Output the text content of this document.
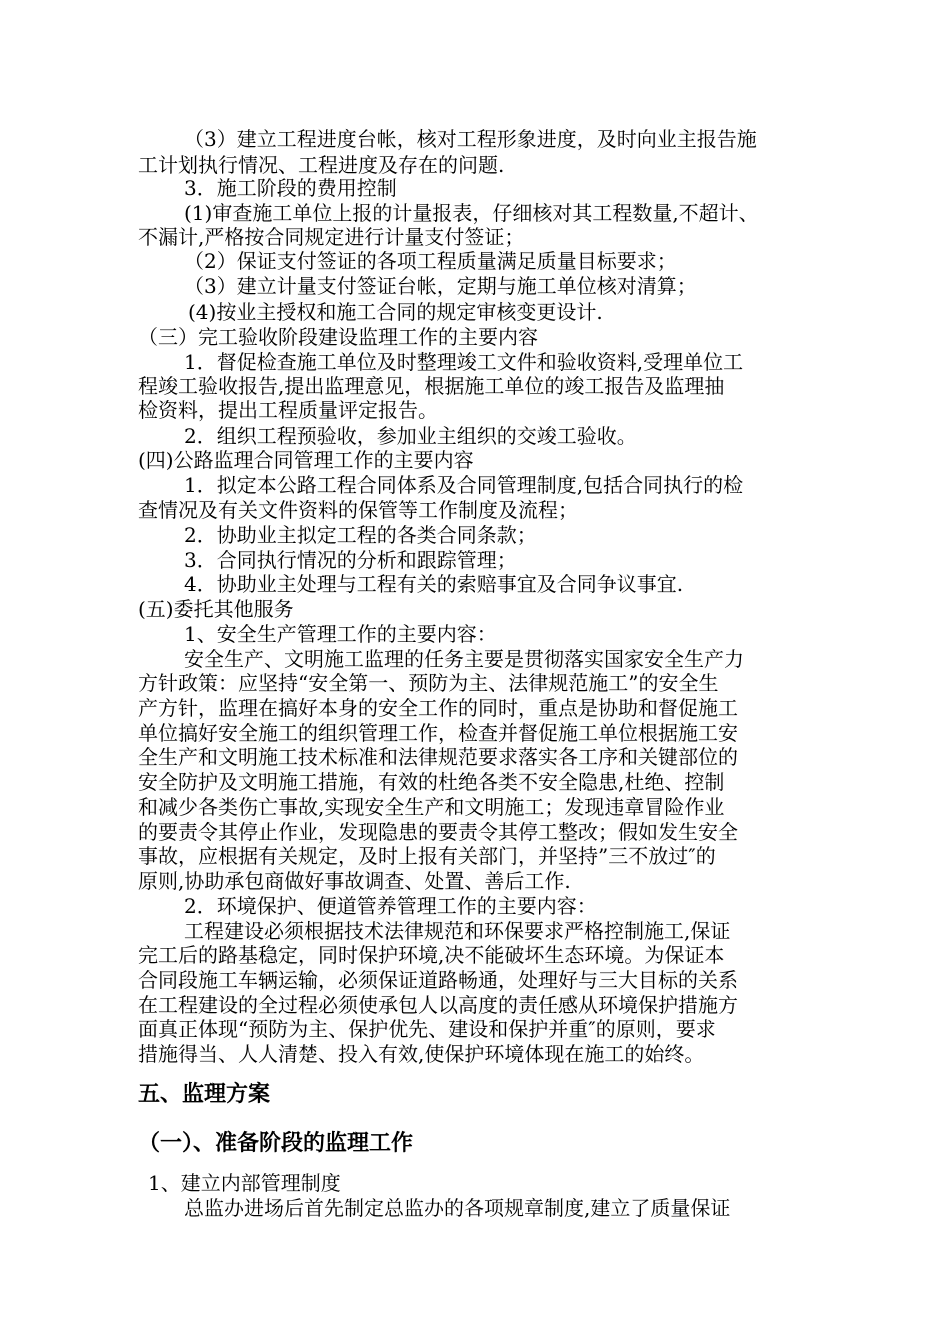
（3）建立工程进度台帐，核对工程形象进度，及时向业主报告施
工计划执行情况、工程进度及存在的问题.
3．施工阶段的费用控制
(1)审查施工单位上报的计量报表，仔细核对其工程数量,不超计、
不漏计,严格按合同规定进行计量支付签证；
（2）保证支付签证的各项工程质量满足质量目标要求；
（3）建立计量支付签证台帐，定期与施工单位核对清算；
(4)按业主授权和施工合同的规定审核变更设计.
（三）完工验收阶段建设监理工作的主要内容
1．督促检查施工单位及时整理竣工文件和验收资料,受理单位工
程竣工验收报告,提出监理意见，根据施工单位的竣工报告及监理抽
检资料，提出工程质量评定报告。
2．组织工程预验收，参加业主组织的交竣工验收。
(四)公路监理合同管理工作的主要内容
1．拟定本公路工程合同体系及合同管理制度,包括合同执行的检
查情况及有关文件资料的保管等工作制度及流程；
2．协助业主拟定工程的各类合同条款；
3．合同执行情况的分析和跟踪管理；
4．协助业主处理与工程有关的索赔事宜及合同争议事宜.
(五)委托其他服务
1、安全生产管理工作的主要内容：
安全生产、文明施工监理的任务主要是贯彻落实国家安全生产力
方针政策：应坚持“安全第一、预防为主、法律规范施工”的安全生
产方针，监理在搞好本身的安全工作的同时，重点是协助和督促施工
单位搞好安全施工的组织管理工作，检查并督促施工单位根据施工安
全生产和文明施工技术标准和法律规范要求落实各工序和关键部位的
安全防护及文明施工措施，有效的杜绝各类不安全隐患,杜绝、控制
和减少各类伤亡事故,实现安全生产和文明施工；发现违章冒险作业
的要责令其停止作业，发现隐患的要责令其停工整改；假如发生安全
事故，应根据有关规定，及时上报有关部门，并坚持”三不放过″的
原则,协助承包商做好事故调查、处置、善后工作.
2．环境保护、便道管养管理工作的主要内容：
工程建设必须根据技术法律规范和环保要求严格控制施工,保证
完工后的路基稳定，同时保护环境,决不能破坏生态环境。为保证本
合同段施工车辆运输，必须保证道路畅通，处理好与三大目标的关系
在工程建设的全过程必须使承包人以高度的责任感从环境保护措施方
面真正体现“预防为主、保护优先、建设和保护并重″的原则，要求
措施得当、人人清楚、投入有效,使保护环境体现在施工的始终。
五、监理方案
（一）、准备阶段的监理工作
1、建立内部管理制度
总监办进场后首先制定总监办的各项规章制度,建立了质量保证
